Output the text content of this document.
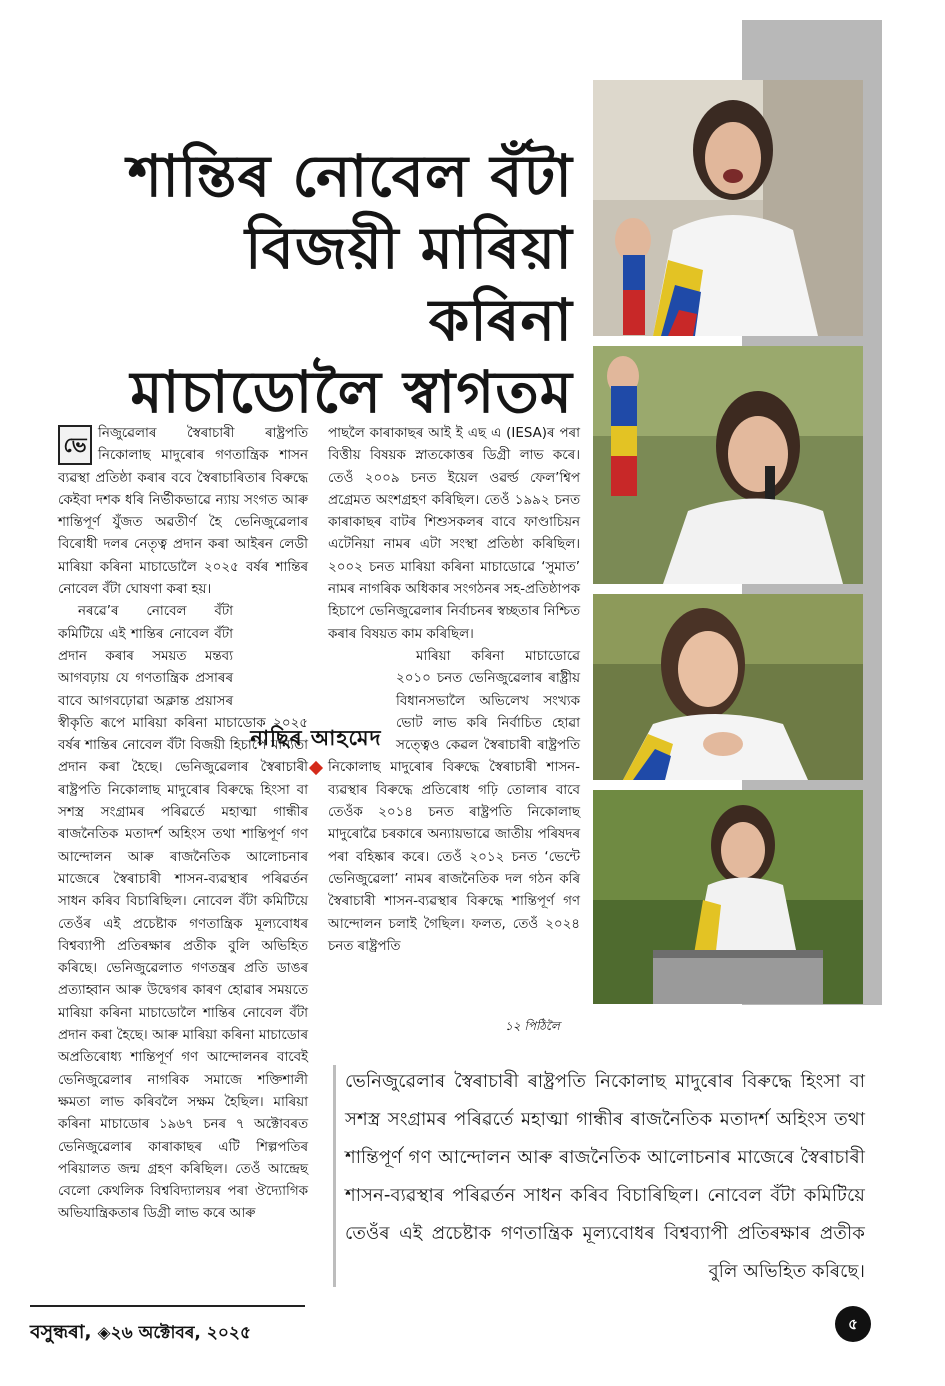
শান্তিৰ নোবেল বঁটা
বিজয়ী মাৰিয়া কৰিনা
মাচাডোলৈ স্বাগতম
ভে নিজুৱেলাৰ স্বৈৰাচাৰী ৰাষ্ট্ৰপতি নিকোলাছ মাদুৰোৰ গণতান্ত্ৰিক শাসন ব্যৱস্থা প্ৰতিষ্ঠা কৰাৰ ববে স্বৈৰাচাৰিতাৰ বিৰুদ্ধে কেইবা দশক ধৰি নিৰ্ভীকভাৱে ন্যায় সংগত আৰু শান্তিপূৰ্ণ যুঁজত অৱতীৰ্ণ হৈ ভেনিজুৱেলাৰ বিৰোধী দলৰ নেতৃত্ব প্ৰদান কৰা আইৰন লেডী মাৰিয়া কৰিনা মাচাডোলৈ ২০২৫ বৰ্ষৰ শান্তিৰ নোবেল বঁটা ঘোষণা কৰা হয়।

নৰৱে’ৰ নোবেল বঁটা কমিটিয়ে এই শান্তিৰ নোবেল বঁটা প্ৰদান কৰাৰ সময়ত মন্তব্য আগবঢ়ায় যে গণতান্ত্ৰিক প্ৰসাৰৰ বাবে আগবঢ়োৱা অক্লান্ত প্ৰয়াসৰ স্বীকৃতি ৰূপে মাৰিয়া কৰিনা মাচাডোক ২০২৫ বৰ্ষৰ শান্তিৰ নোবেল বঁটা বিজয়ী হিচাপে মান্যতা প্ৰদান কৰা হৈছে। ভেনিজুৱেলাৰ স্বৈৰাচাৰী ৰাষ্ট্ৰপতি নিকোলাছ মাদুৰোৰ বিৰুদ্ধে হিংসা বা সশস্ত্ৰ সংগ্ৰামৰ পৰিৱৰ্তে মহাত্মা গান্ধীৰ ৰাজনৈতিক মতাদৰ্শ অহিংস তথা শান্তিপূৰ্ণ গণ আন্দোলন আৰু ৰাজনৈতিক আলোচনাৰ মাজেৰে স্বৈৰাচাৰী শাসন-ব্যৱস্থাৰ পৰিৱৰ্তন সাধন কৰিব বিচাৰিছিল। নোবেল বঁটা কমিটিয়ে তেওঁৰ এই প্ৰচেষ্টাক গণতান্ত্ৰিক মূল্যবোধৰ বিশ্বব্যাপী প্ৰতিৰক্ষাৰ প্ৰতীক বুলি অভিহিত কৰিছে। ভেনিজুৱেলাত গণতন্ত্ৰৰ প্ৰতি ডাঙৰ প্ৰত্যাহ্বান আৰু উদ্বেগৰ কাৰণ হোৱাৰ সময়তে মাৰিয়া কৰিনা মাচাডোলৈ শান্তিৰ নোবেল বঁটা প্ৰদান কৰা হৈছে। আৰু মাৰিয়া কৰিনা মাচাডোৰ অপ্ৰতিৰোধ্য শান্তিপূৰ্ণ গণ আন্দোলনৰ বাবেই ভেনিজুৱেলাৰ নাগৰিক সমাজে শক্তিশালী ক্ষমতা লাভ কৰিবলৈ সক্ষম হৈছিল। মাৰিয়া কৰিনা মাচাডোৰ ১৯৬৭ চনৰ ৭ অক্টোবৰত ভেনিজুৱেলাৰ কাৰাকাছৰ এটি শিল্পপতিৰ পৰিয়ালত জন্ম গ্ৰহণ কৰিছিল। তেওঁ আন্দ্ৰেছ বেলো কেথলিক বিশ্ববিদ্যালয়ৰ পৰা ঔদ্যোগিক অভিযান্ত্ৰিকতাৰ ডিগ্ৰী লাভ কৰে আৰু

পাছলৈ কাৰাকাছৰ আই ই এছ এ (IESA)ৰ পৰা বিত্তীয় বিষয়ক স্নাতকোত্তৰ ডিগ্ৰী লাভ কৰে। তেওঁ ২০০৯ চনত ইয়েল ওৱৰ্ল্ড ফেল’শ্বিপ প্ৰগ্ৰেমত অংশগ্ৰহণ কৰিছিল। তেওঁ ১৯৯২ চনত কাৰাকাছৰ বাটৰ শিশুসকলৰ বাবে ফাণ্ডাচিয়ন এটেনিয়া নামৰ এটা সংস্থা প্ৰতিষ্ঠা কৰিছিল। ২০০২ চনত মাৰিয়া কৰিনা মাচাডোৱে ‘সুমাত’ নামৰ নাগৰিক অধিকাৰ সংগঠনৰ সহ-প্ৰতিষ্ঠাপক হিচাপে ভেনিজুৱেলাৰ নিৰ্বাচনৰ স্বচ্ছতাৰ নিশ্চিত কৰাৰ বিষয়ত কাম কৰিছিল।

মাৰিয়া কৰিনা মাচাডোৱে ২০১০ চনত ভেনিজুৱেলাৰ ৰাষ্ট্ৰীয় বিধানসভালৈ অভিলেখ সংখ্যক ভোট লাভ কৰি নিৰ্বাচিত হোৱা সত্ত্বেও কেৱল স্বৈৰাচাৰী ৰাষ্ট্ৰপতি নিকোলাছ মাদুৰোৰ বিৰুদ্ধে স্বৈৰাচাৰী শাসন-ব্যৱস্থাৰ বিৰুদ্ধে প্ৰতিৰোধ গঢ়ি তোলাৰ বাবে তেওঁক ২০১৪ চনত ৰাষ্ট্ৰপতি নিকোলাছ মাদুৰোৱৈ চৰকাৰে অন্যায়ভাৱে জাতীয় পৰিষদৰ পৰা বহিষ্কাৰ কৰে। তেওঁ ২০১২ চনত ‘ভেন্টে ভেনিজুৱেলা’ নামৰ ৰাজনৈতিক দল গঠন কৰি স্বৈৰাচাৰী শাসন-ব্যৱস্থাৰ বিৰুদ্ধে শান্তিপূৰ্ণ গণ আন্দোলন চলাই গৈছিল। ফলত, তেওঁ ২০২৪ চনত ৰাষ্ট্ৰপতি

নাছিৰ আহমেদ
১২ পিঠিলৈ
ভেনিজুৱেলাৰ স্বৈৰাচাৰী ৰাষ্ট্ৰপতি নিকোলাছ মাদুৰোৰ বিৰুদ্ধে হিংসা বা সশস্ত্ৰ সংগ্ৰামৰ পৰিৱৰ্তে মহাত্মা গান্ধীৰ ৰাজনৈতিক মতাদৰ্শ অহিংস তথা শান্তিপূৰ্ণ গণ আন্দোলন আৰু ৰাজনৈতিক আলোচনাৰ মাজেৰে স্বৈৰাচাৰী শাসন-ব্যৱস্থাৰ পৰিৱৰ্তন সাধন কৰিব বিচাৰিছিল। নোবেল বঁটা কমিটিয়ে তেওঁৰ এই প্ৰচেষ্টাক গণতান্ত্ৰিক মূল্যবোধৰ বিশ্বব্যাপী প্ৰতিৰক্ষাৰ প্ৰতীক বুলি অভিহিত কৰিছে।
বসুন্ধৰা, ◈২৬ অক্টোবৰ, ২০২৫	৫
